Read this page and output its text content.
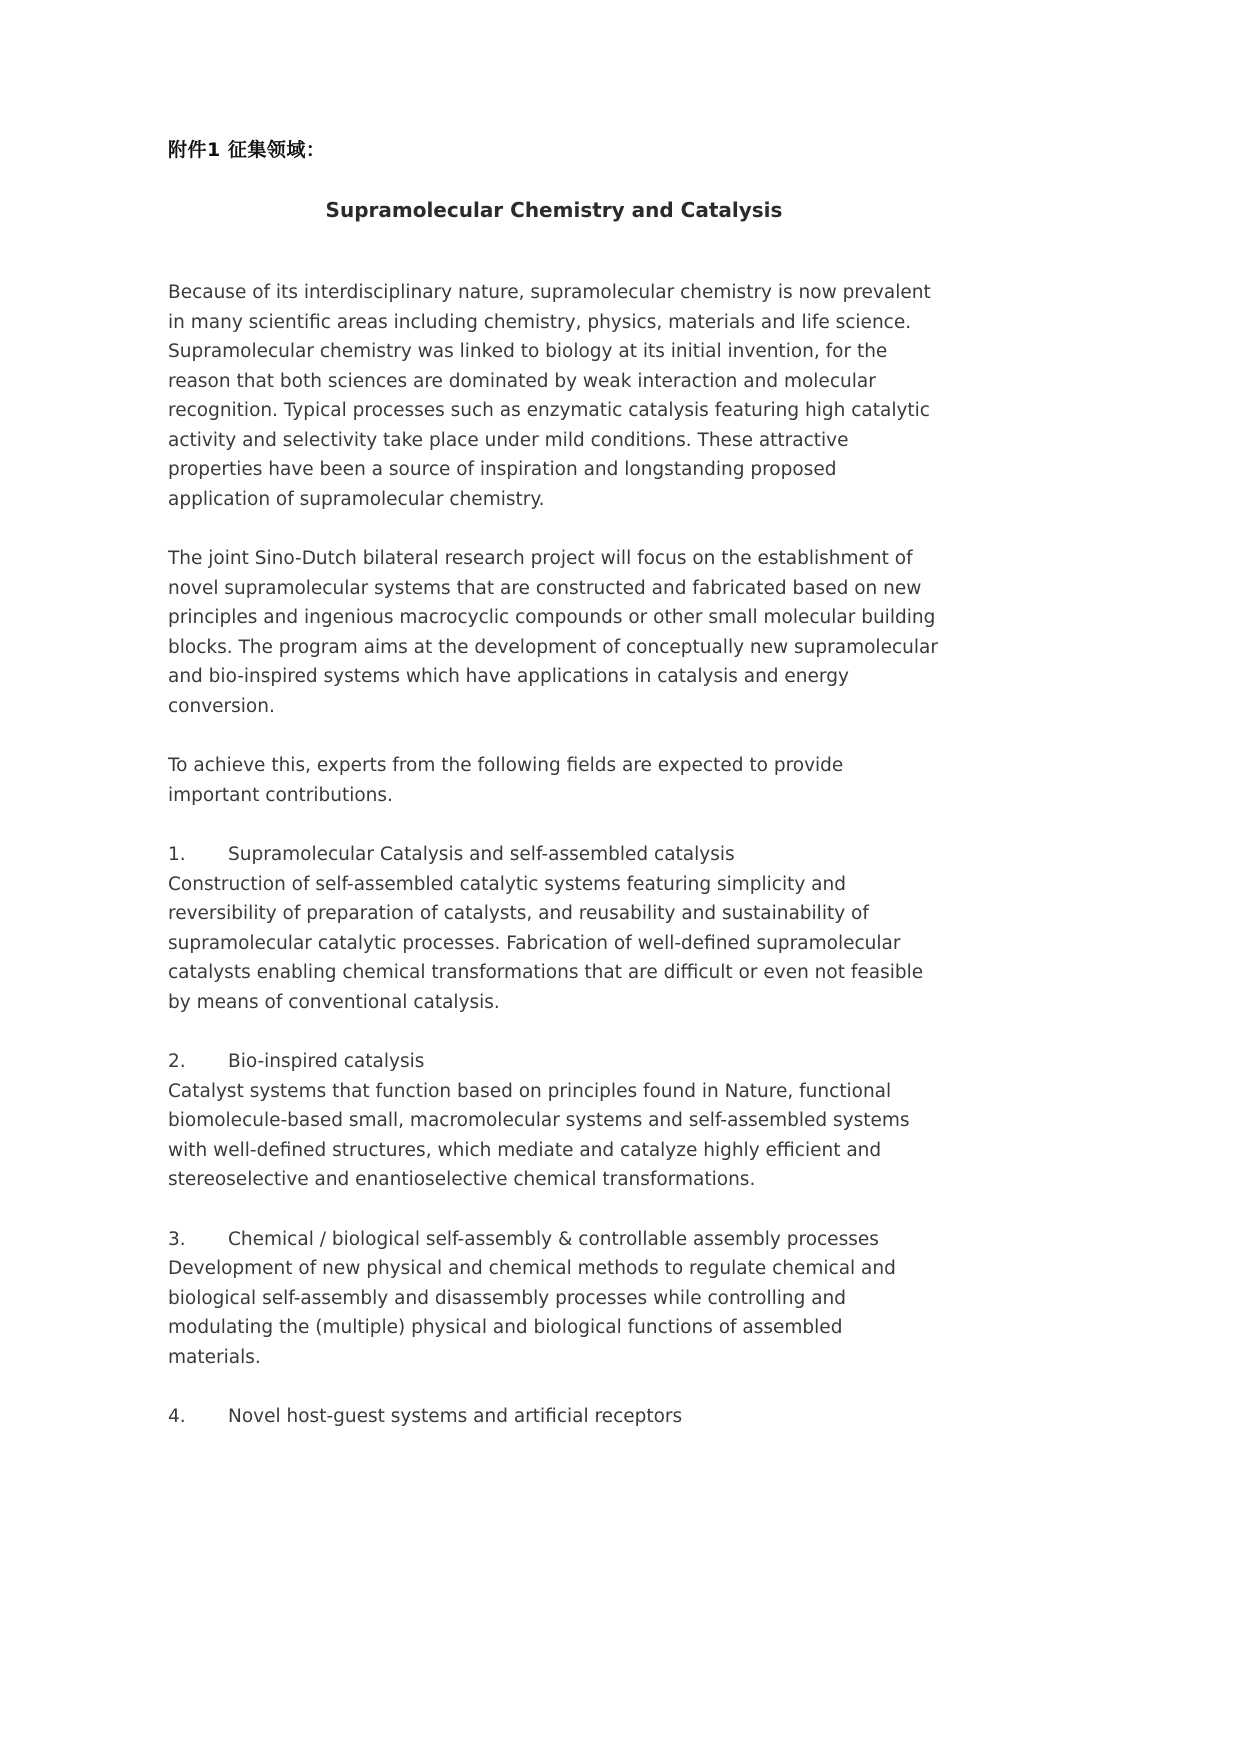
附件1 征集领域：
Supramolecular Chemistry and Catalysis

Because of its interdisciplinary nature, supramolecular chemistry is now prevalent in many scientific areas including chemistry, physics, materials and life science. Supramolecular chemistry was linked to biology at its initial invention, for the reason that both sciences are dominated by weak interaction and molecular recognition. Typical processes such as enzymatic catalysis featuring high catalytic activity and selectivity take place under mild conditions. These attractive properties have been a source of inspiration and longstanding proposed application of supramolecular chemistry.

The joint Sino-Dutch bilateral research project will focus on the establishment of novel supramolecular systems that are constructed and fabricated based on new principles and ingenious macrocyclic compounds or other small molecular building blocks. The program aims at the development of conceptually new supramolecular and bio-inspired systems which have applications in catalysis and energy conversion.

To achieve this, experts from the following fields are expected to provide important contributions.

1. Supramolecular Catalysis and self-assembled catalysis

Construction of self-assembled catalytic systems featuring simplicity and reversibility of preparation of catalysts, and reusability and sustainability of supramolecular catalytic processes. Fabrication of well-defined supramolecular catalysts enabling chemical transformations that are difficult or even not feasible by means of conventional catalysis.

2. Bio-inspired catalysis

Catalyst systems that function based on principles found in Nature, functional biomolecule-based small, macromolecular systems and self-assembled systems with well-defined structures, which mediate and catalyze highly efficient and stereoselective and enantioselective chemical transformations.

3. Chemical / biological self-assembly & controllable assembly processes

Development of new physical and chemical methods to regulate chemical and biological self-assembly and disassembly processes while controlling and modulating the (multiple) physical and biological functions of assembled materials.

4. Novel host-guest systems and artificial receptors
